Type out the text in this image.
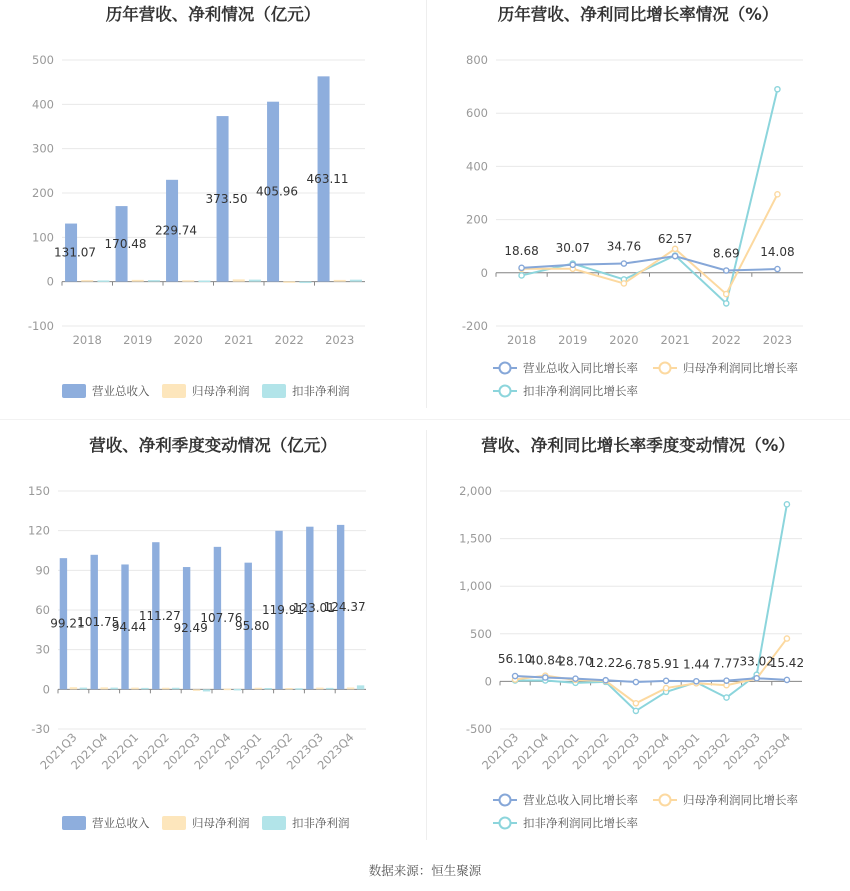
历年营收、净利情况（亿元）
-100
0
100
200
300
400
500
2018 2019 2020 2021 2022 2023
131.07
170.48
229.74
373.50
405.96
463.11
营业总收入	归母净利润	扣非净利润
历年营收、净利同比增长率情况（%）
-200
0
200
400
600
800
2018 2019 2020 2021 2022 2023
18.68 30.07 34.76
62.57
8.69 14.08
营业总收入同比增长率	归母净利润同比增长率
扣非净利润同比增长率
营收、净利季度变动情况（亿元）
-30
0
30
60
90
120
150
2021Q3
2021Q4
2022Q1
2022Q2
2022Q3
2022Q4
2023Q1
2023Q2
2023Q3
2023Q4
99.21
101.75
94.44
111.27
92.49
107.76
95.80
119.91
123.01
124.37
营业总收入	归母净利润	扣非净利润
营收、净利同比增长率季度变动情况（%）
-500
0
500
1,000
1,500
2,000
2021Q3
2021Q4
2022Q1
2022Q2
2022Q3
2022Q4
2023Q1
2023Q2
2023Q3
2023Q4
56.10
40.84
28.70
12.22
-6.78 5.91 1.44 7.77 33.02
15.42
营业总收入同比增长率	归母净利润同比增长率
扣非净利润同比增长率
数据来源：恒生聚源
